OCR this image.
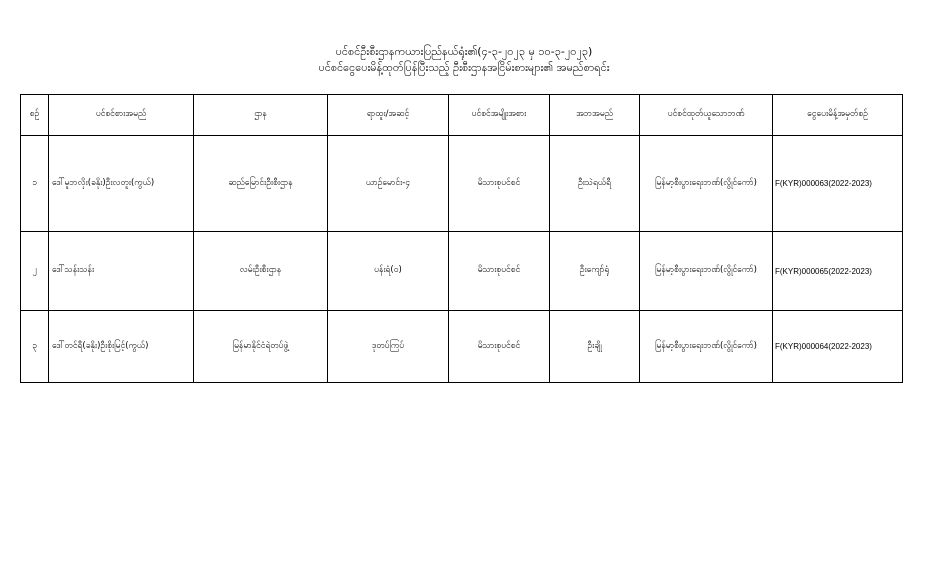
ပင်စင်ဦးစီးဌာနကယားပြည်နယ်ရုံး၏(၄-၃-၂၀၂၃ မှ ၁၀-၃-၂၀၂၃)
ပင်စင်ငွေပေးမိန့်ထုတ်ပြန်ပြီးသည့် ဦးစီးဌာနအငြိမ်းစားများ၏ အမည်စာရင်း
စဉ်	ပင်စင်စားအမည်	ဌာန	ရာထူး/အဆင့်	ပင်စင်အမျိုးအစား	အဘအမည်	ပင်စင်ထုတ်ယူသောဘဏ်	ငွေပေးမိန့်အမှတ်စဉ်
၁	ဒေါ်မူဘလိုး(ခနိုး)ဦးလတူး(ကွယ်)	ဆည်မြောင်းဦးစီးဌာန	ယာဉ်မောင်း-၄	မိသားစုပင်စင်	ဦးသဲရယ်ရီ	မြန်မာ့စီးပွားရေးဘဏ်(လွိုင်ကော်)	F(KYR)000063(2022-2023)
၂	ဒေါ်သန်းသန်း	လမ်းဦးစီးဌာန	ပန်းရံ(၀)	မိသားစုပင်စင်	ဦးကျော်ရုံ	မြန်မာ့စီးပွားရေးဘဏ်(လွိုင်ကော်)	F(KYR)000065(2022-2023)
၃	ဒေါ်တင်ရီ(ခနိုး)ဦးစိုးမြင့်(ကွယ်)	မြန်မာနိုင်ငံရဲတပ်ဖွဲ့	ဒုတပ်ကြပ်	မိသားစုပင်စင်	ဦးချို	မြန်မာ့စီးပွားရေးဘဏ်(လွိုင်ကော်)	F(KYR)000064(2022-2023)
